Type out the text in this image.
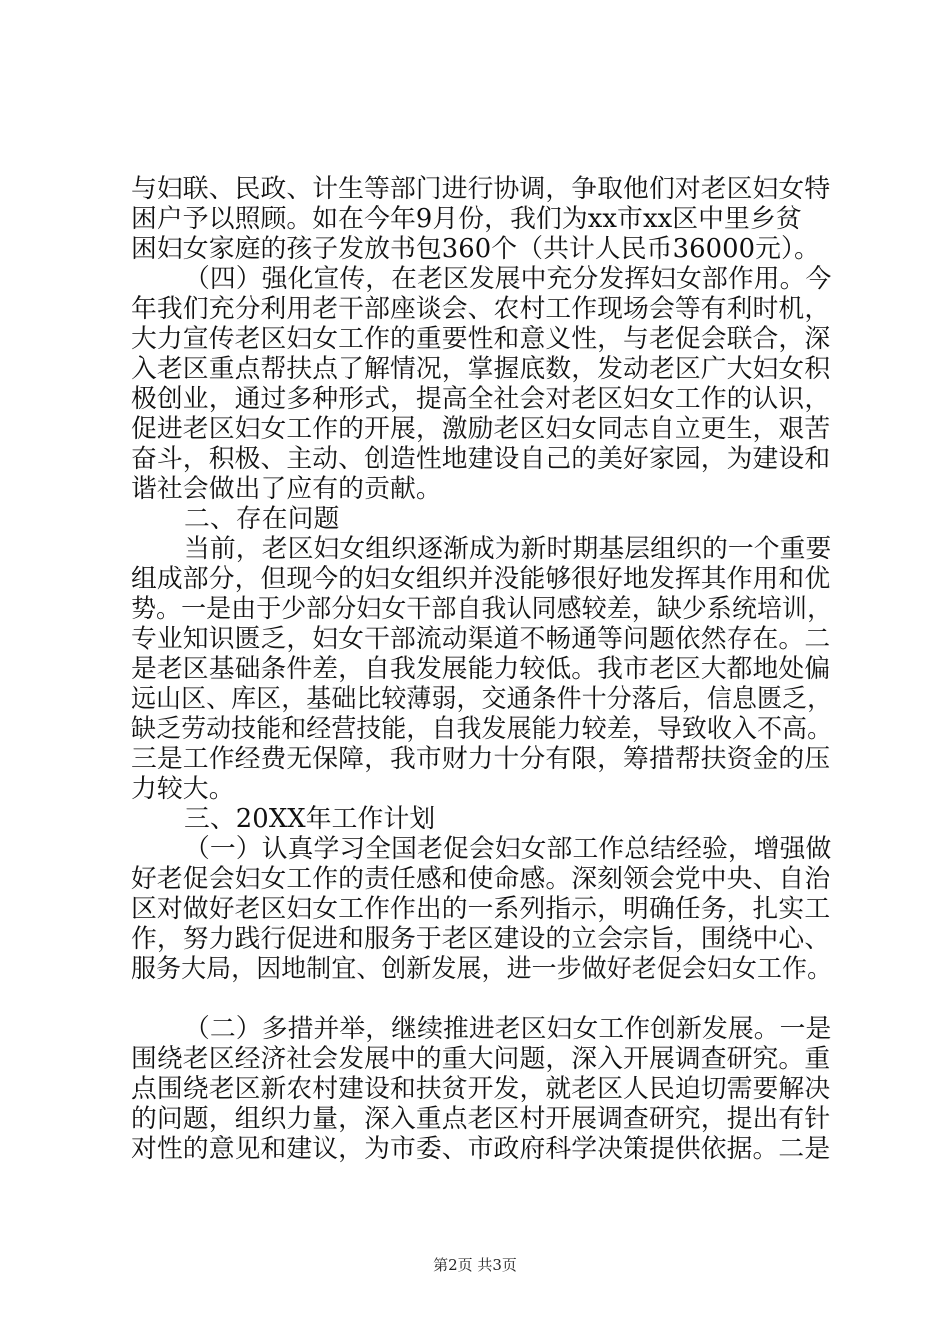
与妇联、民政、计生等部门进行协调，争取他们对老区妇女特
困户予以照顾。如在今年9月份，我们为xx市xx区中里乡贫
困妇女家庭的孩子发放书包360个（共计人民币36000元）。
（四）强化宣传，在老区发展中充分发挥妇女部作用。今
年我们充分利用老干部座谈会、农村工作现场会等有利时机，
大力宣传老区妇女工作的重要性和意义性，与老促会联合，深
入老区重点帮扶点了解情况，掌握底数，发动老区广大妇女积
极创业，通过多种形式，提高全社会对老区妇女工作的认识，
促进老区妇女工作的开展，激励老区妇女同志自立更生，艰苦
奋斗，积极、主动、创造性地建设自己的美好家园，为建设和
谐社会做出了应有的贡献。
二、存在问题
当前，老区妇女组织逐渐成为新时期基层组织的一个重要
组成部分，但现今的妇女组织并没能够很好地发挥其作用和优
势。一是由于少部分妇女干部自我认同感较差，缺少系统培训，
专业知识匮乏，妇女干部流动渠道不畅通等问题依然存在。二
是老区基础条件差，自我发展能力较低。我市老区大都地处偏
远山区、库区，基础比较薄弱，交通条件十分落后，信息匮乏，
缺乏劳动技能和经营技能，自我发展能力较差，导致收入不高。
三是工作经费无保障，我市财力十分有限，筹措帮扶资金的压
力较大。
三、20XX年工作计划
（一）认真学习全国老促会妇女部工作总结经验，增强做
好老促会妇女工作的责任感和使命感。深刻领会党中央、自治
区对做好老区妇女工作作出的一系列指示，明确任务，扎实工
作，努力践行促进和服务于老区建设的立会宗旨，围绕中心、
服务大局，因地制宜、创新发展，进一步做好老促会妇女工作。
（二）多措并举，继续推进老区妇女工作创新发展。一是
围绕老区经济社会发展中的重大问题，深入开展调查研究。重
点围绕老区新农村建设和扶贫开发，就老区人民迫切需要解决
的问题，组织力量，深入重点老区村开展调查研究，提出有针
对性的意见和建议，为市委、市政府科学决策提供依据。二是
第2页 共3页
